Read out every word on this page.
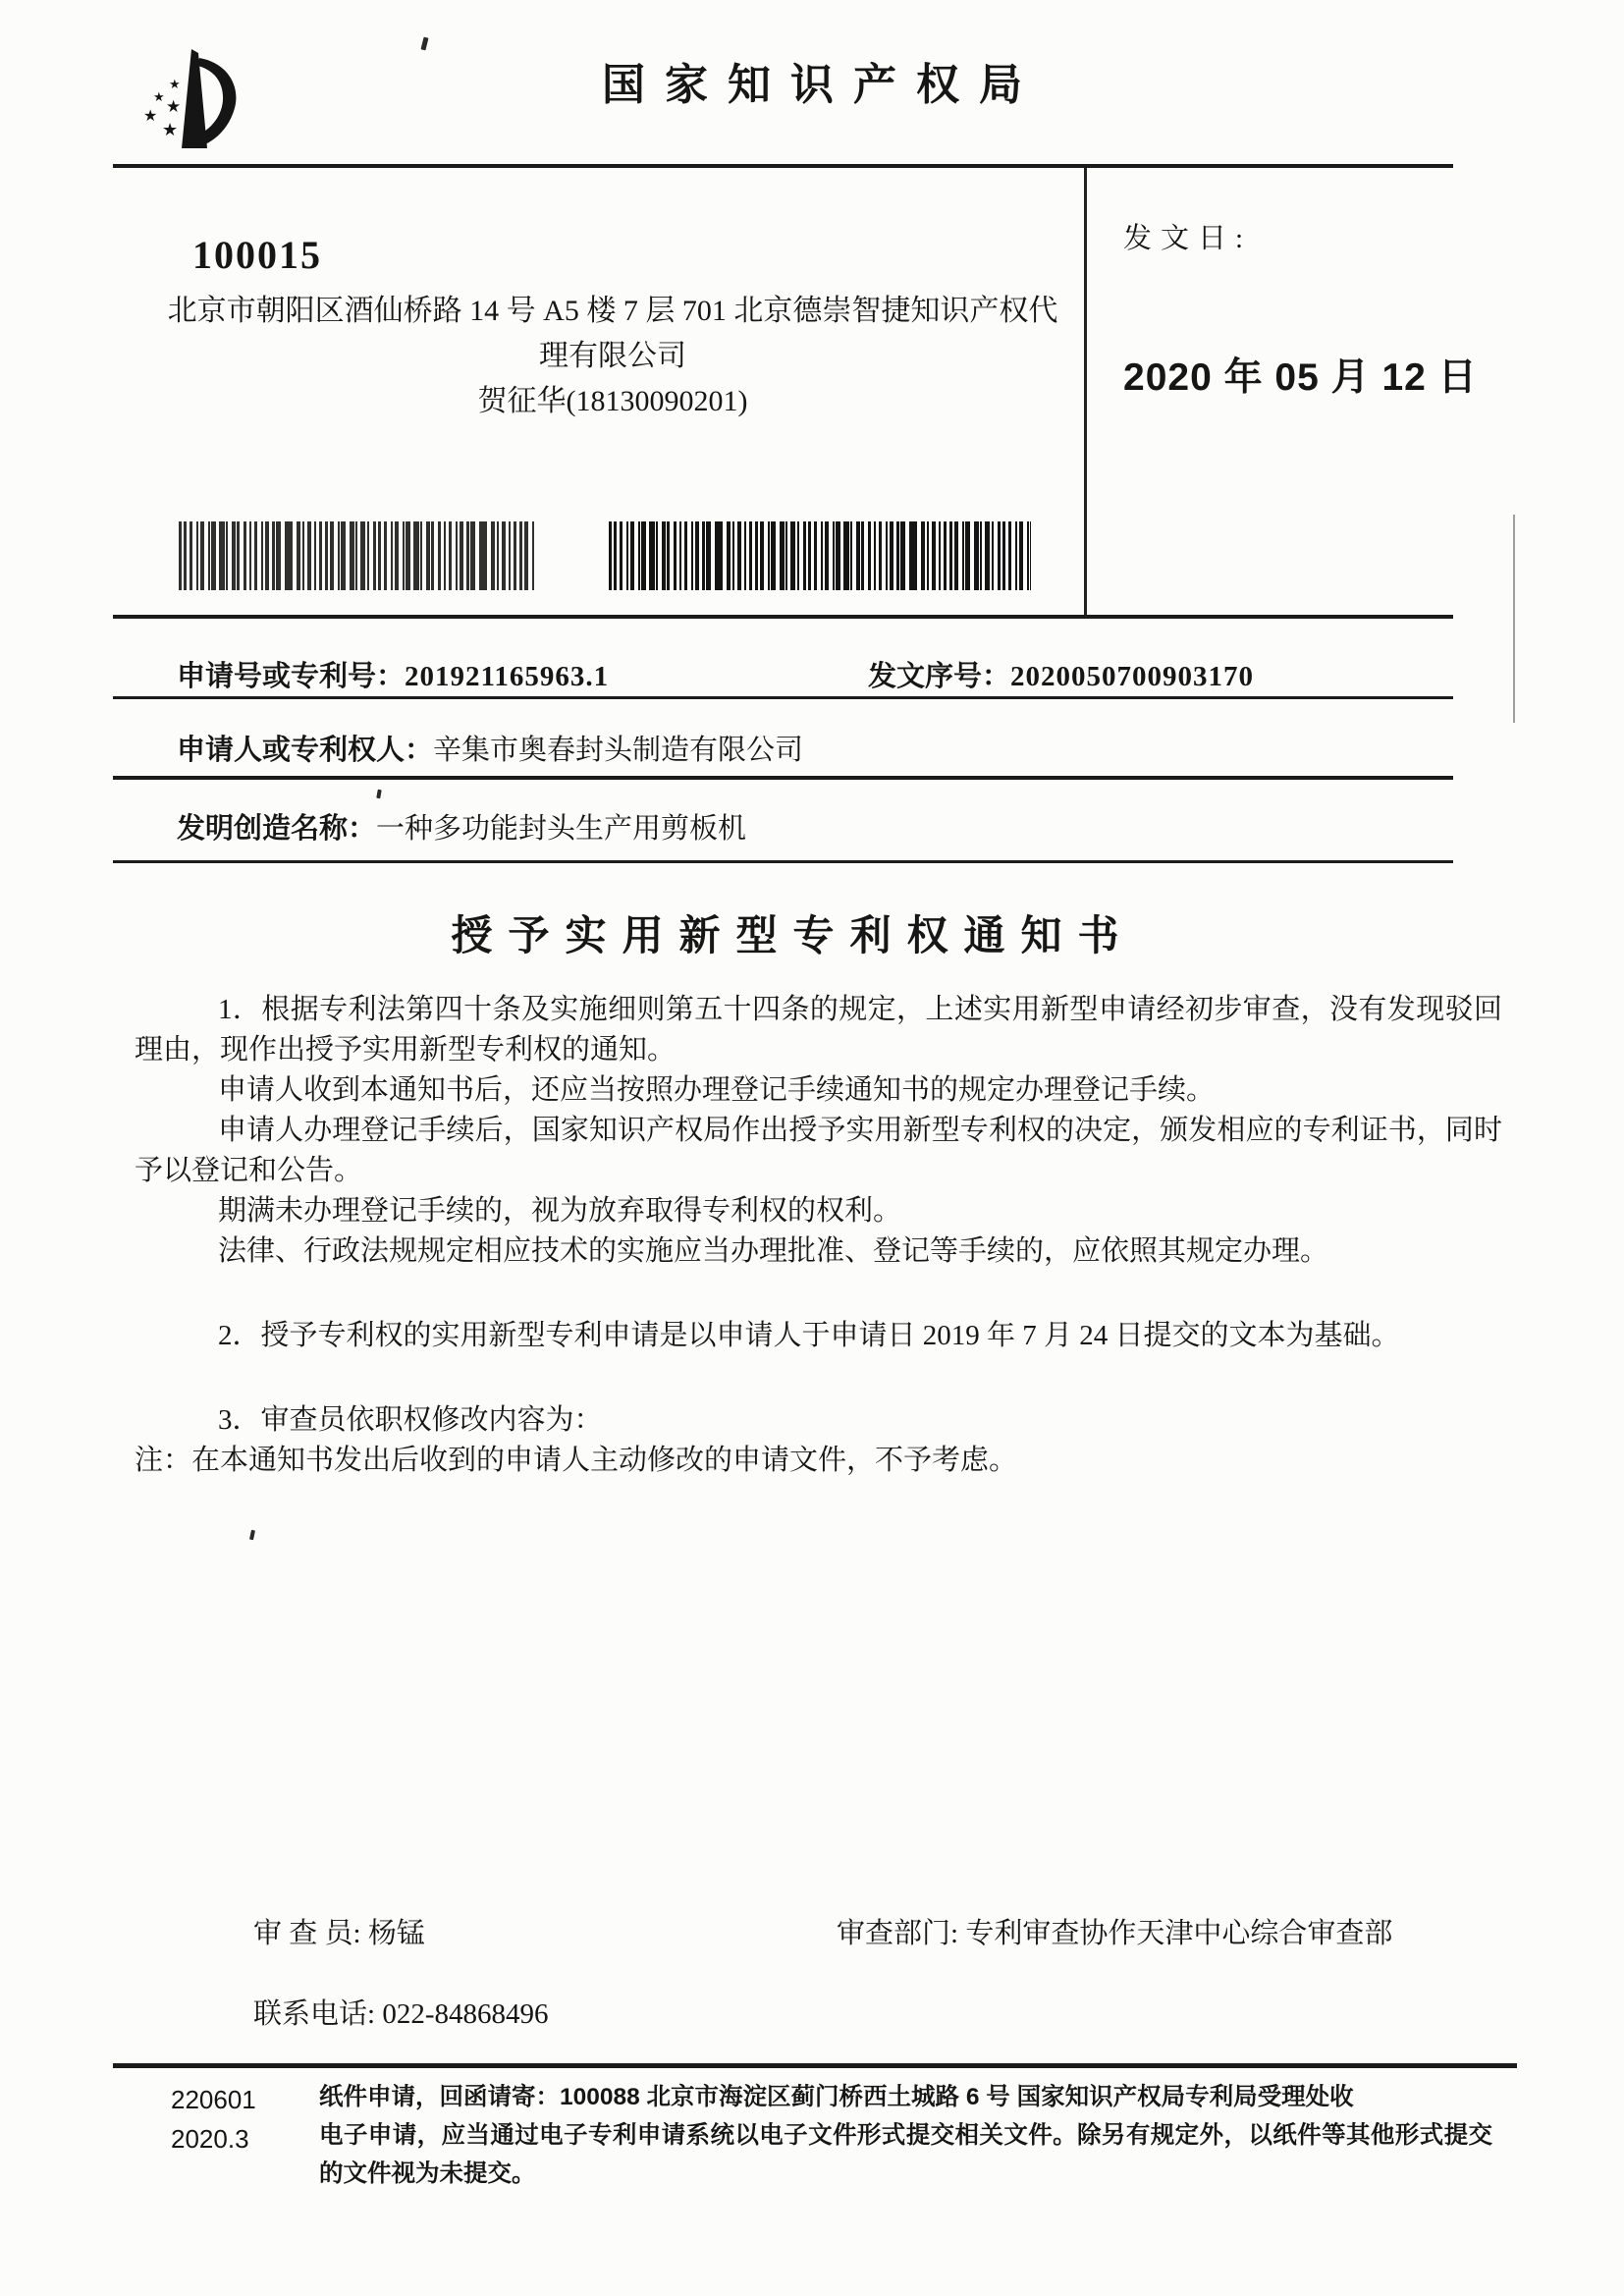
★
★
★
★
★
国家知识产权局
100015
北京市朝阳区酒仙桥路 14 号 A5 楼 7 层 701 北京德崇智捷知识产权代理有限公司
贺征华(18130090201)
发文日:
2020 年 05 月 12 日
申请号或专利号：201921165963.1	发文序号：2020050700903170
申请人或专利权人：辛集市奥春封头制造有限公司
发明创造名称：一种多功能封头生产用剪板机
授予实用新型专利权通知书

1．根据专利法第四十条及实施细则第五十四条的规定，上述实用新型申请经初步审查，没有发现驳回理由，现作出授予实用新型专利权的通知。

申请人收到本通知书后，还应当按照办理登记手续通知书的规定办理登记手续。

申请人办理登记手续后，国家知识产权局作出授予实用新型专利权的决定，颁发相应的专利证书，同时予以登记和公告。

期满未办理登记手续的，视为放弃取得专利权的权利。

法律、行政法规规定相应技术的实施应当办理批准、登记等手续的，应依照其规定办理。

2．授予专利权的实用新型专利申请是以申请人于申请日 2019 年 7 月 24 日提交的文本为基础。

3．审查员依职权修改内容为：

注：在本通知书发出后收到的申请人主动修改的申请文件，不予考虑。

审 查 员: 杨锰	审查部门: 专利审查协作天津中心综合审查部
联系电话: 022-84868496
220601
2020.3

纸件申请，回函请寄：100088 北京市海淀区蓟门桥西土城路 6 号 国家知识产权局专利局受理处收

电子申请，应当通过电子专利申请系统以电子文件形式提交相关文件。除另有规定外，以纸件等其他形式提交的文件视为未提交。
